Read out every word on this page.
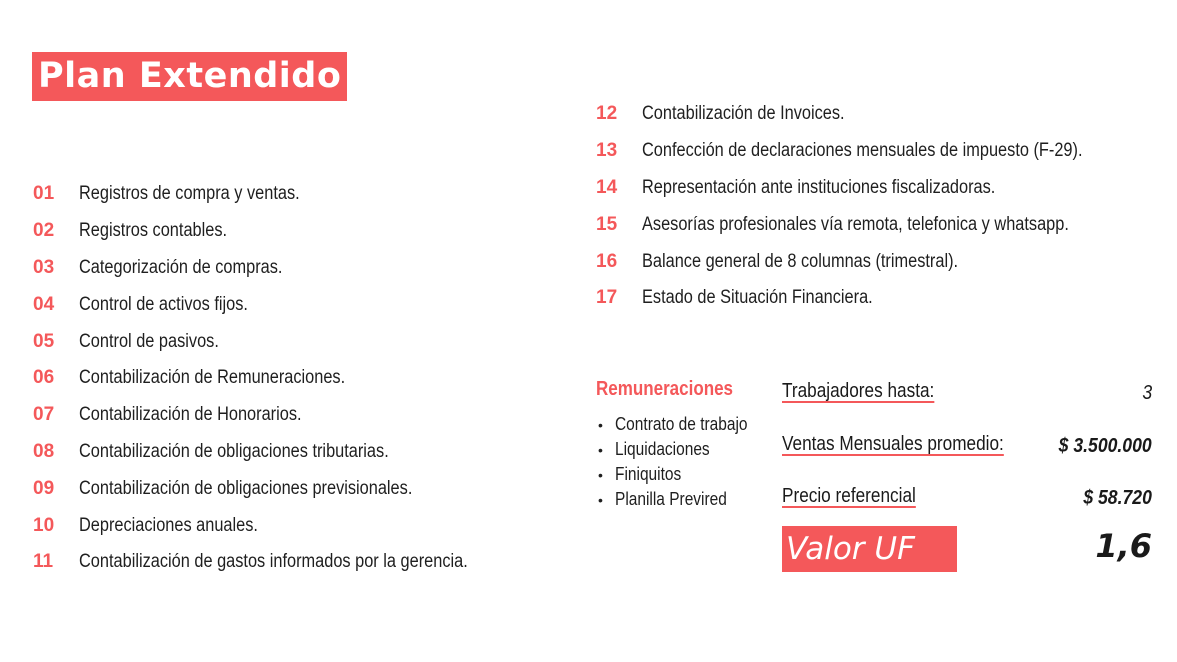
Plan Extendido
01	Registros de compra y ventas.
02	Registros contables.
03	Categorización de compras.
04	Control de activos fijos.
05	Control de pasivos.
06	Contabilización de Remuneraciones.
07	Contabilización de Honorarios.
08	Contabilización de obligaciones tributarias.
09	Contabilización de obligaciones previsionales.
10	Depreciaciones anuales.
11	Contabilización de gastos informados por la gerencia.
12	Contabilización de Invoices.
13	Confección de declaraciones mensuales de impuesto (F-29).
14	Representación ante instituciones fiscalizadoras.
15	Asesorías profesionales vía remota, telefonica y whatsapp.
16	Balance general de 8 columnas (trimestral).
17	Estado de Situación Financiera.
Remuneraciones
• Contrato de trabajo
• Liquidaciones
• Finiquitos
• Planilla Previred
Trabajadores hasta:	3
Ventas Mensuales promedio:	$ 3.500.000
Precio referencial	$ 58.720
Valor UF	1,6
